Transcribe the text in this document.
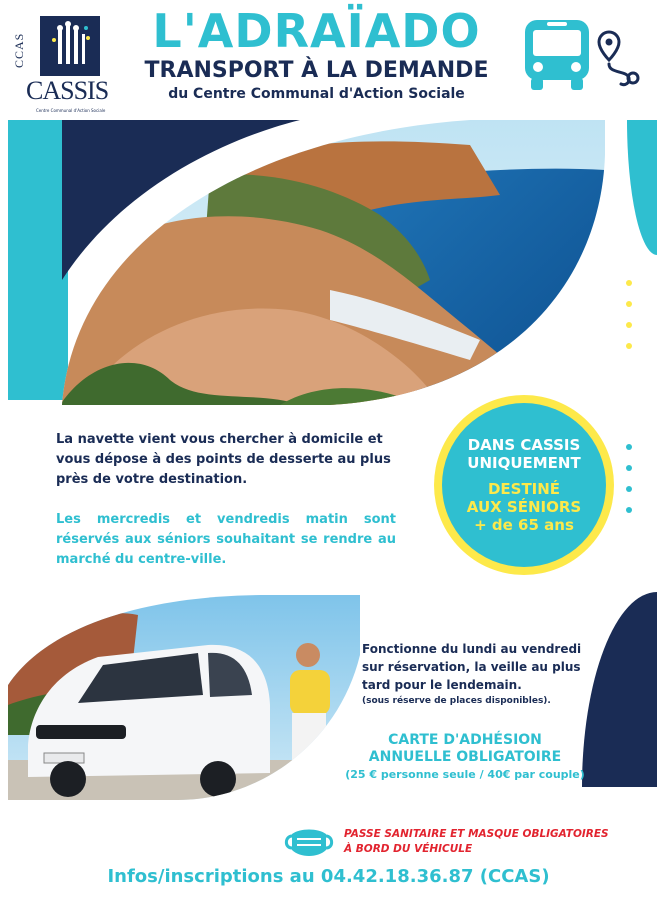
CCAS
CASSIS
Centre Communal d'Action Sociale
L'ADRAÏADO
TRANSPORT À LA DEMANDE
du Centre Communal d'Action Sociale
La navette vient vous chercher à domicile et vous dépose à des points de desserte au plus près de votre destination.
Les mercredis et vendredis matin sont réservés aux séniors souhaitant se rendre au marché du centre-ville.
DANS CASSIS
UNIQUEMENT
DESTINÉ
AUX SÉNIORS
+ de 65 ans
Fonctionne du lundi au vendredi sur réservation, la veille au plus tard pour le lendemain.
(sous réserve de places disponibles).
CARTE D'ADHÉSION
ANNUELLE OBLIGATOIRE
(25 € personne seule / 40€ par couple)
PASSE SANITAIRE ET MASQUE OBLIGATOIRES
À BORD DU VÉHICULE
Infos/inscriptions au 04.42.18.36.87 (CCAS)
